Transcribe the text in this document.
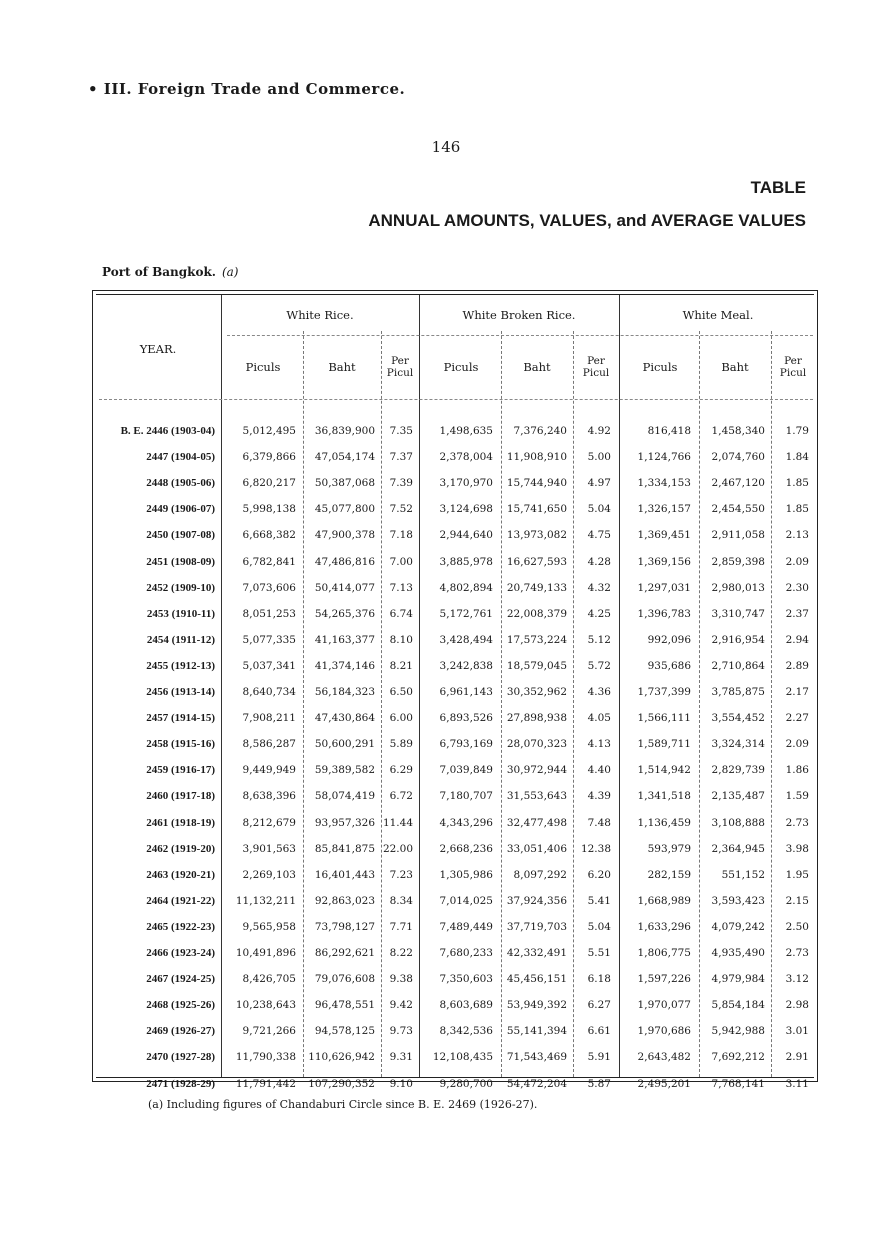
• III. Foreign Trade and Commerce.
146
TABLE
ANNUAL AMOUNTS, VALUES, and AVERAGE VALUES
Port of Bangkok. (a)
YEAR.
White Rice.	White Broken Rice.	White Meal.
Piculs	Baht	Per Picul	Piculs	Baht	Per Picul	Piculs	Baht	Per Picul
B. E. 2446 (1903-04)	5,012,495 36,839,900 7.35	1,498,635 7,376,240 4.92	816,418 1,458,340 1.79
2447 (1904-05)	6,379,866 47,054,174 7.37	2,378,004 11,908,910 5.00	1,124,766 2,074,760 1.84
2448 (1905-06)	6,820,217 50,387,068 7.39	3,170,970 15,744,940 4.97	1,334,153 2,467,120 1.85
2449 (1906-07)	5,998,138 45,077,800 7.52	3,124,698 15,741,650 5.04	1,326,157 2,454,550 1.85
2450 (1907-08)	6,668,382 47,900,378 7.18	2,944,640 13,973,082 4.75	1,369,451 2,911,058 2.13
2451 (1908-09)	6,782,841 47,486,816 7.00	3,885,978 16,627,593 4.28	1,369,156 2,859,398 2.09
2452 (1909-10)	7,073,606 50,414,077 7.13	4,802,894 20,749,133 4.32	1,297,031 2,980,013 2.30
2453 (1910-11)	8,051,253 54,265,376 6.74	5,172,761 22,008,379 4.25	1,396,783 3,310,747 2.37
2454 (1911-12)	5,077,335 41,163,377 8.10	3,428,494 17,573,224 5.12	992,096 2,916,954 2.94
2455 (1912-13)	5,037,341 41,374,146 8.21	3,242,838 18,579,045 5.72	935,686 2,710,864 2.89
2456 (1913-14)	8,640,734 56,184,323 6.50	6,961,143 30,352,962 4.36	1,737,399 3,785,875 2.17
2457 (1914-15)	7,908,211 47,430,864 6.00	6,893,526 27,898,938 4.05	1,566,111 3,554,452 2.27
2458 (1915-16)	8,586,287 50,600,291 5.89	6,793,169 28,070,323 4.13	1,589,711 3,324,314 2.09
2459 (1916-17)	9,449,949 59,389,582 6.29	7,039,849 30,972,944 4.40	1,514,942 2,829,739 1.86
2460 (1917-18)	8,638,396 58,074,419 6.72	7,180,707 31,553,643 4.39	1,341,518 2,135,487 1.59
2461 (1918-19)	8,212,679 93,957,326 11.44	4,343,296 32,477,498 7.48	1,136,459 3,108,888 2.73
2462 (1919-20)	3,901,563 85,841,875 22.00	2,668,236 33,051,406 12.38	593,979 2,364,945 3.98
2463 (1920-21)	2,269,103 16,401,443 7.23	1,305,986 8,097,292 6.20	282,159	551,152 1.95
2464 (1921-22) 11,132,211 92,863,023 8.34	7,014,025 37,924,356 5.41	1,668,989 3,593,423 2.15
2465 (1922-23)	9,565,958 73,798,127 7.71	7,489,449 37,719,703 5.04	1,633,296 4,079,242 2.50
2466 (1923-24) 10,491,896 86,292,621 8.22	7,680,233 42,332,491 5.51	1,806,775 4,935,490 2.73
2467 (1924-25)	8,426,705 79,076,608 9.38	7,350,603 45,456,151 6.18	1,597,226 4,979,984 3.12
2468 (1925-26) 10,238,643 96,478,551 9.42	8,603,689 53,949,392 6.27	1,970,077 5,854,184 2.98
2469 (1926-27)	9,721,266 94,578,125 9.73	8,342,536 55,141,394 6.61	1,970,686 5,942,988 3.01
2470 (1927-28) 11,790,338 110,626,942 9.31 12,108,435 71,543,469 5.91	2,643,482 7,692,212 2.91
2471 (1928-29) 11,791,442 107,290,352 9.10	9,280,700 54,472,204 5.87	2,495,201 7,768,141 3.11
(a) Including figures of Chandaburi Circle since B. E. 2469 (1926-27).
